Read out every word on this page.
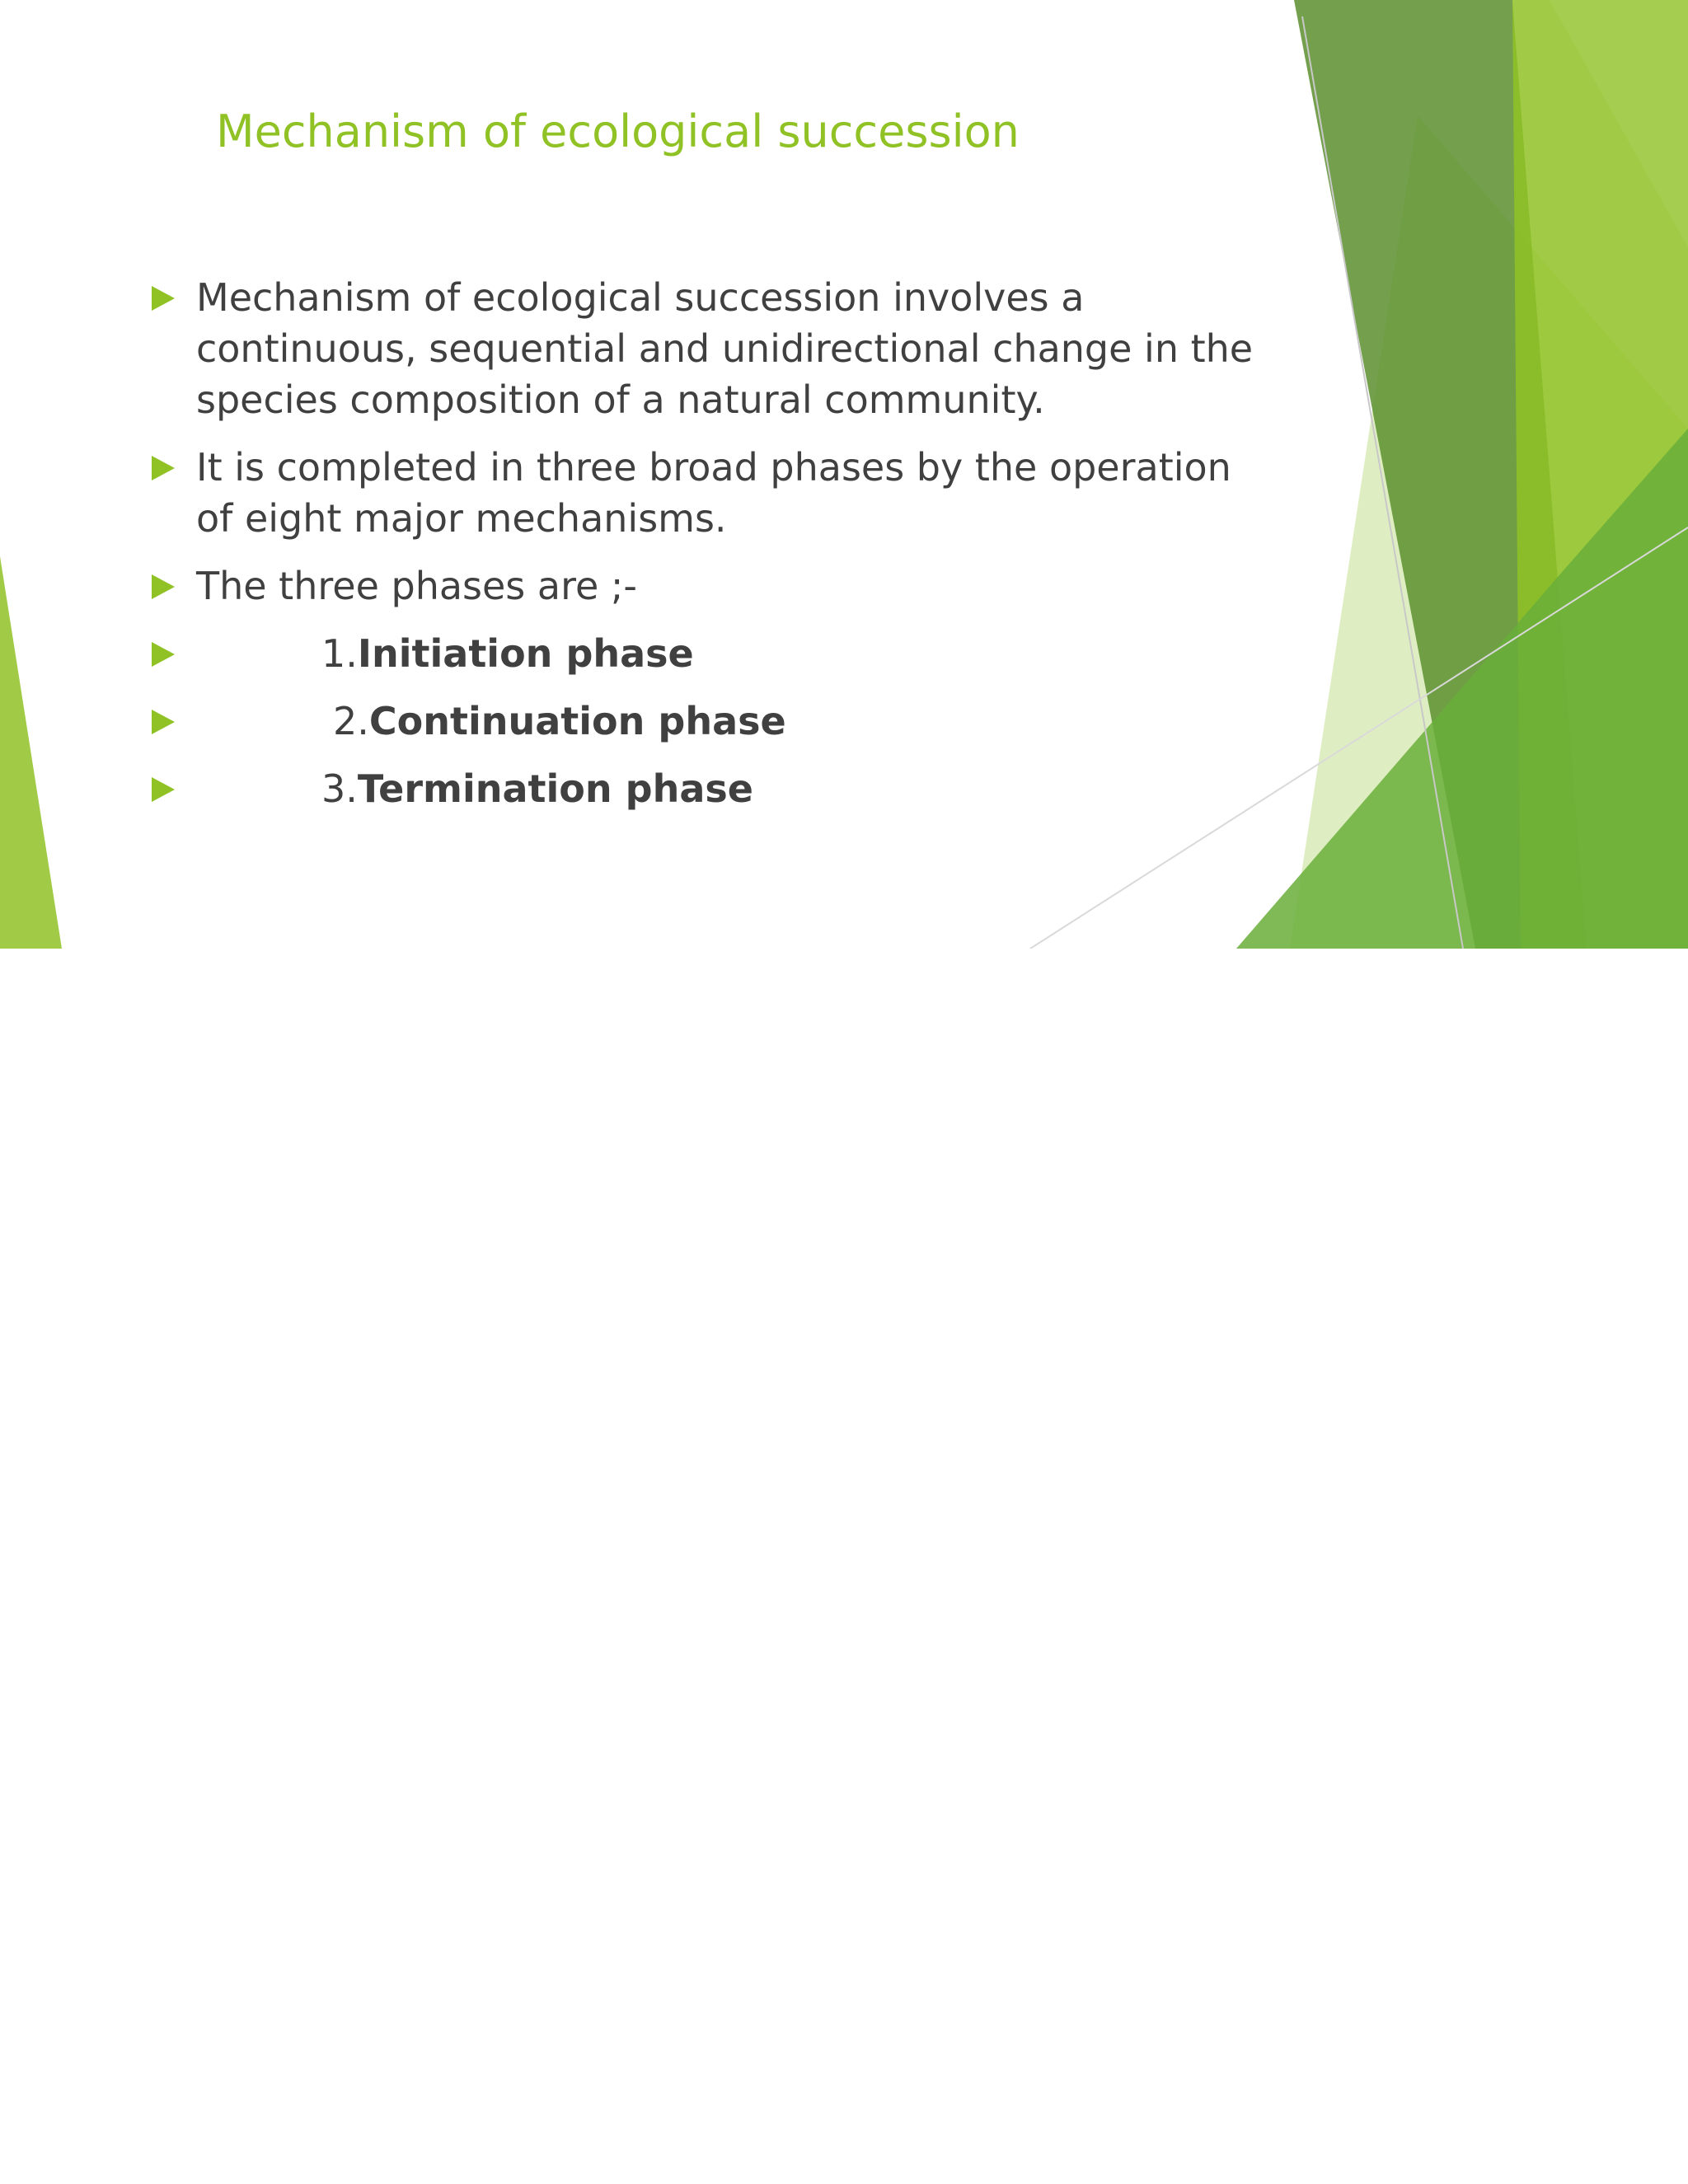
Mechanism of ecological succession
Mechanism of ecological succession involves a continuous, sequential and unidirectional change in the species composition of a natural community.
It is completed in three broad phases by the operation of eight major mechanisms.
The three phases are ;-
1.Initiation phase
2.Continuation phase
3.Termination phase
